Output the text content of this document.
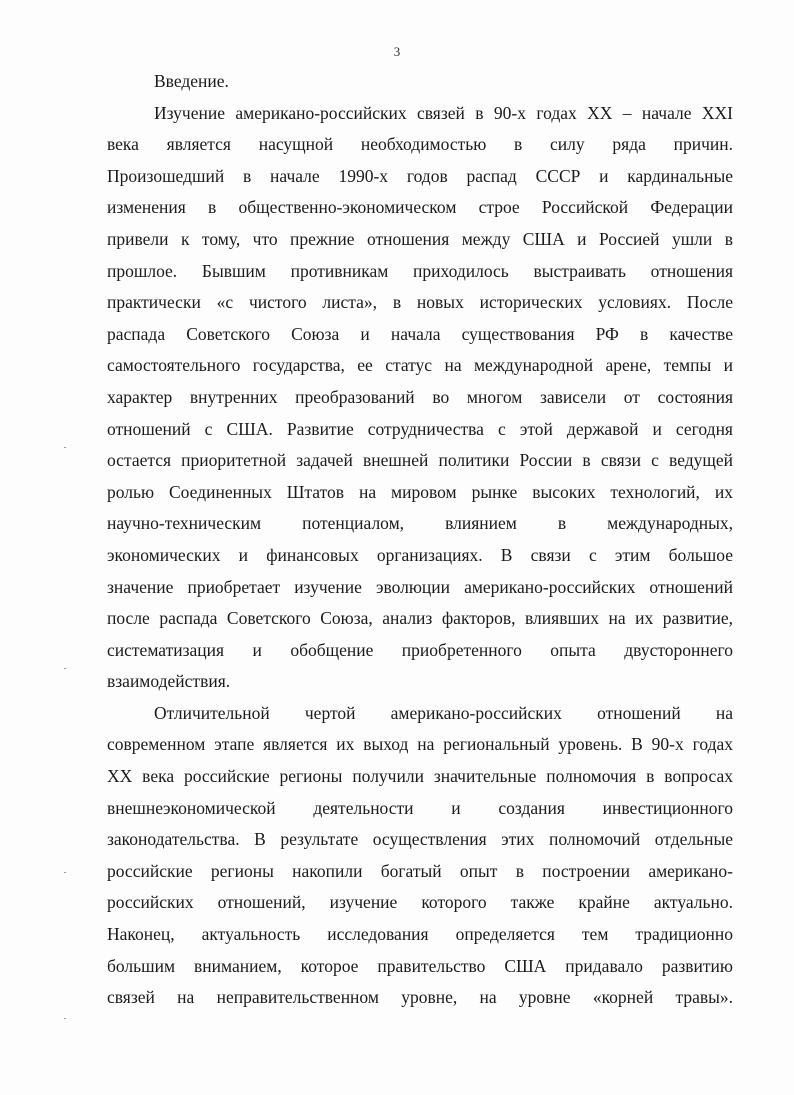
3
Введение.
Изучение американо-российских связей в 90-х годах XX – начале XXI
века является насущной необходимостью в силу ряда причин.
Произошедший в начале 1990-х годов распад СССР и кардинальные
изменения в общественно-экономическом строе Российской Федерации
привели к тому, что прежние отношения между США и Россией ушли в
прошлое. Бывшим противникам приходилось выстраивать отношения
практически «с чистого листа», в новых исторических условиях. После
распада Советского Союза и начала существования РФ в качестве
самостоятельного государства, ее статус на международной арене, темпы и
характер внутренних преобразований во многом зависели от состояния
отношений с США. Развитие сотрудничества с этой державой и сегодня
остается приоритетной задачей внешней политики России в связи с ведущей
ролью Соединенных Штатов на мировом рынке высоких технологий, их
научно-техническим потенциалом, влиянием в международных,
экономических и финансовых организациях. В связи с этим большое
значение приобретает изучение эволюции американо-российских отношений
после распада Советского Союза, анализ факторов, влиявших на их развитие,
систематизация и обобщение приобретенного опыта двустороннего
взаимодействия.
Отличительной чертой американо-российских отношений на
современном этапе является их выход на региональный уровень. В 90-х годах
XX века российские регионы получили значительные полномочия в вопросах
внешнеэкономической деятельности и создания инвестиционного
законодательства. В результате осуществления этих полномочий отдельные
российские регионы накопили богатый опыт в построении американо-
российских отношений, изучение которого также крайне актуально.
Наконец, актуальность исследования определяется тем традиционно
большим вниманием, которое правительство США придавало развитию
связей на неправительственном уровне, на уровне «корней травы».
